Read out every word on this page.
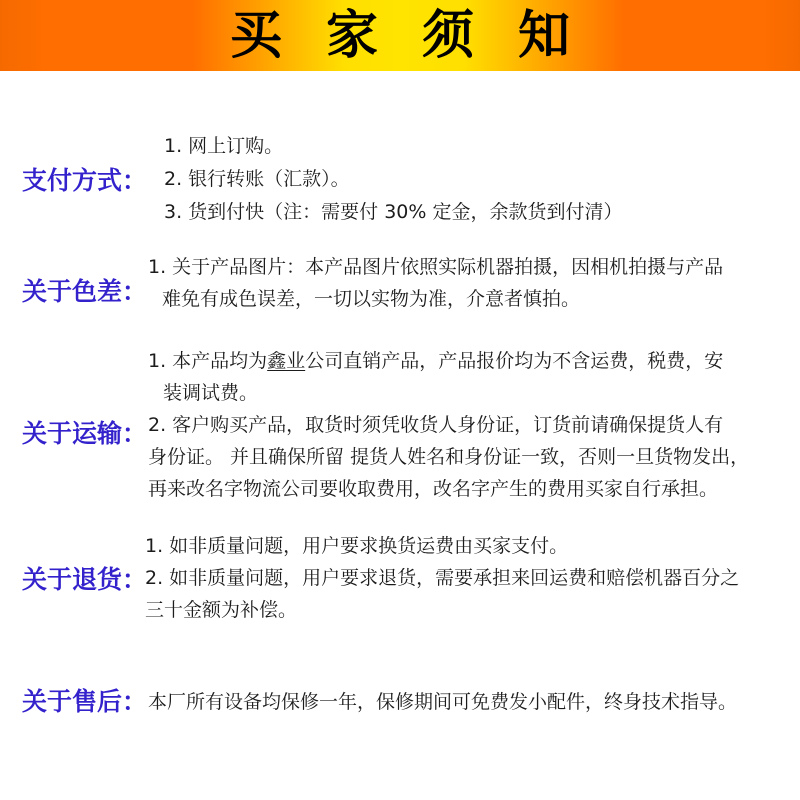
买家须知
支付方式：
1. 网上订购。
2. 银行转账（汇款）。
3. 货到付快（注：需要付 30% 定金，余款货到付清）
关于色差：
1. 关于产品图片：本产品图片依照实际机器拍摄，因相机拍摄与产品
难免有成色误差，一切以实物为准，介意者慎拍。
关于运输：
1. 本产品均为鑫业公司直销产品，产品报价均为不含运费，税费，安
装调试费。
2. 客户购买产品，取货时须凭收货人身份证，订货前请确保提货人有
身份证。 并且确保所留 提货人姓名和身份证一致，否则一旦货物发出，
再来改名字物流公司要收取费用，改名字产生的费用买家自行承担。
关于退货：
1. 如非质量问题，用户要求换货运费由买家支付。
2. 如非质量问题，用户要求退货，需要承担来回运费和赔偿机器百分之
三十金额为补偿。
关于售后： 本厂所有设备均保修一年，保修期间可免费发小配件，终身技术指导。
